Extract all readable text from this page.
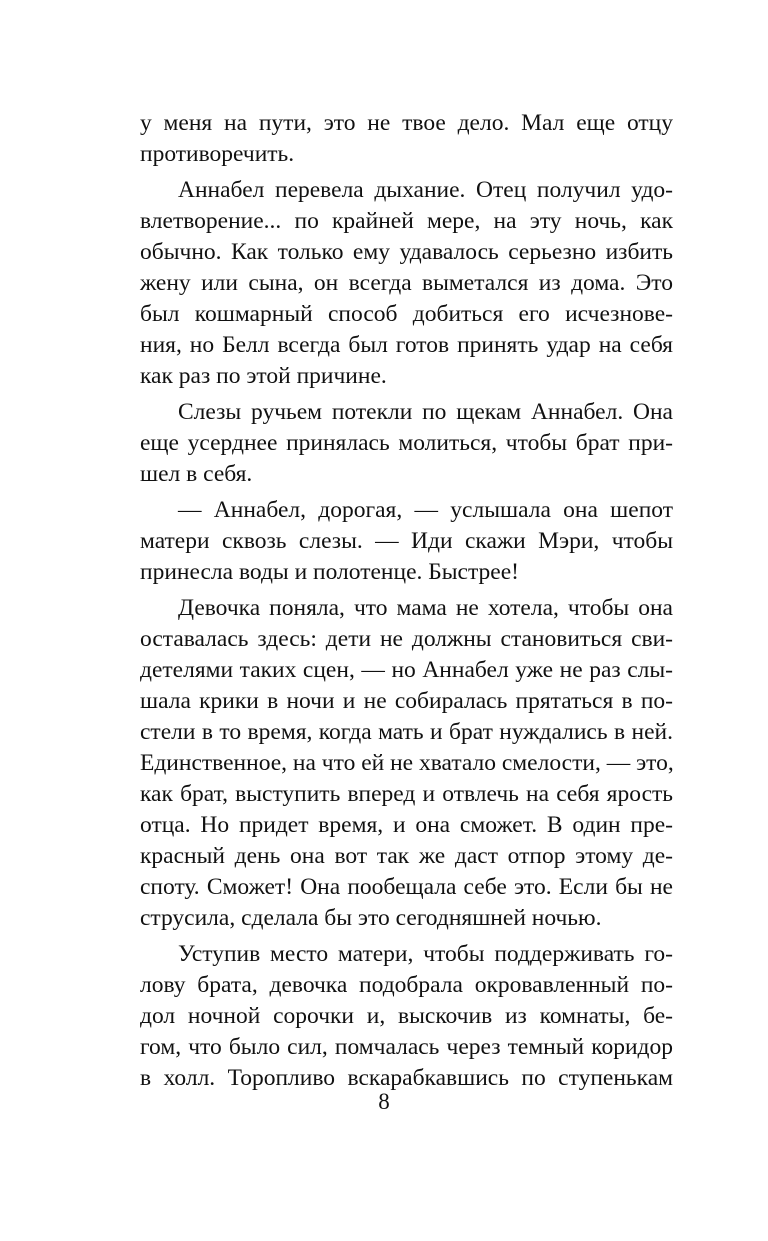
у меня на пути, это не твое дело. Мал еще отцу
противоречить.
Аннабел перевела дыхание. Отец получил удо-
влетворение... по крайней мере, на эту ночь, как
обычно. Как только ему удавалось серьезно избить
жену или сына, он всегда выметался из дома. Это
был кошмарный способ добиться его исчезнове-
ния, но Белл всегда был готов принять удар на себя
как раз по этой причине.
Слезы ручьем потекли по щекам Аннабел. Она
еще усерднее принялась молиться, чтобы брат при-
шел в себя.
— Аннабел, дорогая, — услышала она шепот
матери сквозь слезы. — Иди скажи Мэри, чтобы
принесла воды и полотенце. Быстрее!
Девочка поняла, что мама не хотела, чтобы она
оставалась здесь: дети не должны становиться сви-
детелями таких сцен, — но Аннабел уже не раз слы-
шала крики в ночи и не собиралась прятаться в по-
стели в то время, когда мать и брат нуждались в ней.
Единственное, на что ей не хватало смелости, — это,
как брат, выступить вперед и отвлечь на себя ярость
отца. Но придет время, и она сможет. В один пре-
красный день она вот так же даст отпор этому де-
споту. Сможет! Она пообещала себе это. Если бы не
струсила, сделала бы это сегодняшней ночью.
Уступив место матери, чтобы поддерживать го-
лову брата, девочка подобрала окровавленный по-
дол ночной сорочки и, выскочив из комнаты, бе-
гом, что было сил, помчалась через темный коридор
в холл. Торопливо вскарабкавшись по ступенькам
8
